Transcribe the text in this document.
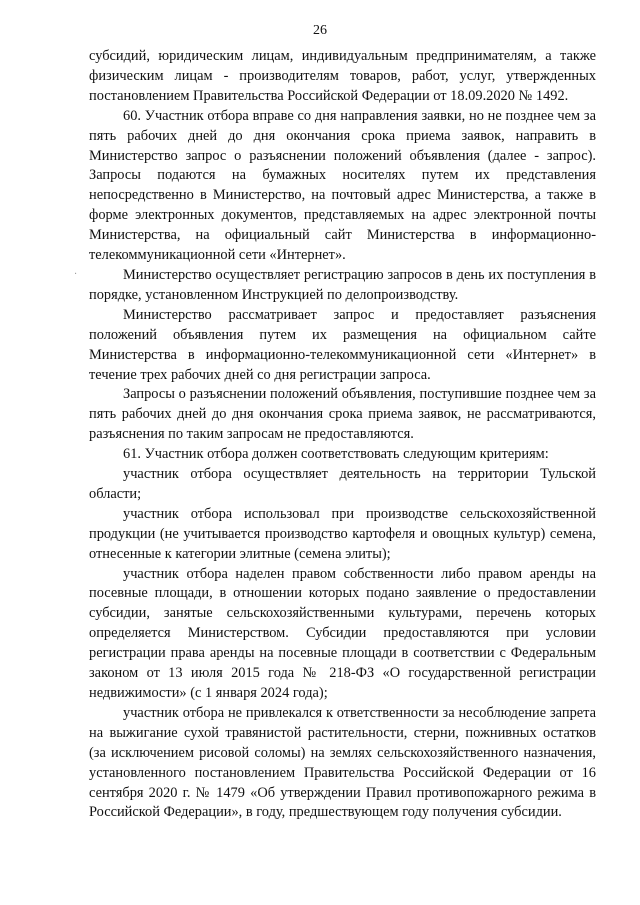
26
·

субсидий, юридическим лицам, индивидуальным предпринимателям, а также физическим лицам - производителям товаров, работ, услуг, утвержденных постановлением Правительства Российской Федерации от 18.09.2020 № 1492.

60. Участник отбора вправе со дня направления заявки, но не позднее чем за пять рабочих дней до дня окончания срока приема заявок, направить в Министерство запрос о разъяснении положений объявления (далее - запрос). Запросы подаются на бумажных носителях путем их представления непосредственно в Министерство, на почтовый адрес Министерства, а также в форме электронных документов, представляемых на адрес электронной почты Министерства, на официальный сайт Министерства в информационно-телекоммуникационной сети «Интернет».

Министерство осуществляет регистрацию запросов в день их поступления в порядке, установленном Инструкцией по делопроизводству.

Министерство рассматривает запрос и предоставляет разъяснения положений объявления путем их размещения на официальном сайте Министерства в информационно-телекоммуникационной сети «Интернет» в течение трех рабочих дней со дня регистрации запроса.

Запросы о разъяснении положений объявления, поступившие позднее чем за пять рабочих дней до дня окончания срока приема заявок, не рассматриваются, разъяснения по таким запросам не предоставляются.

61. Участник отбора должен соответствовать следующим критериям:

участник отбора осуществляет деятельность на территории Тульской области;

участник отбора использовал при производстве сельскохозяйственной продукции (не учитывается производство картофеля и овощных культур) семена, отнесенные к категории элитные (семена элиты);

участник отбора наделен правом собственности либо правом аренды на посевные площади, в отношении которых подано заявление о предоставлении субсидии, занятые сельскохозяйственными культурами, перечень которых определяется Министерством. Субсидии предоставляются при условии регистрации права аренды на посевные площади в соответствии с Федеральным законом от 13 июля 2015 года № 218-ФЗ «О государственной регистрации недвижимости» (с 1 января 2024 года);

участник отбора не привлекался к ответственности за несоблюдение запрета на выжигание сухой травянистой растительности, стерни, пожнивных остатков (за исключением рисовой соломы) на землях сельскохозяйственного назначения, установленного постановлением Правительства Российской Федерации от 16 сентября 2020 г. № 1479 «Об утверждении Правил противопожарного режима в Российской Федерации», в году, предшествующем году получения субсидии.
